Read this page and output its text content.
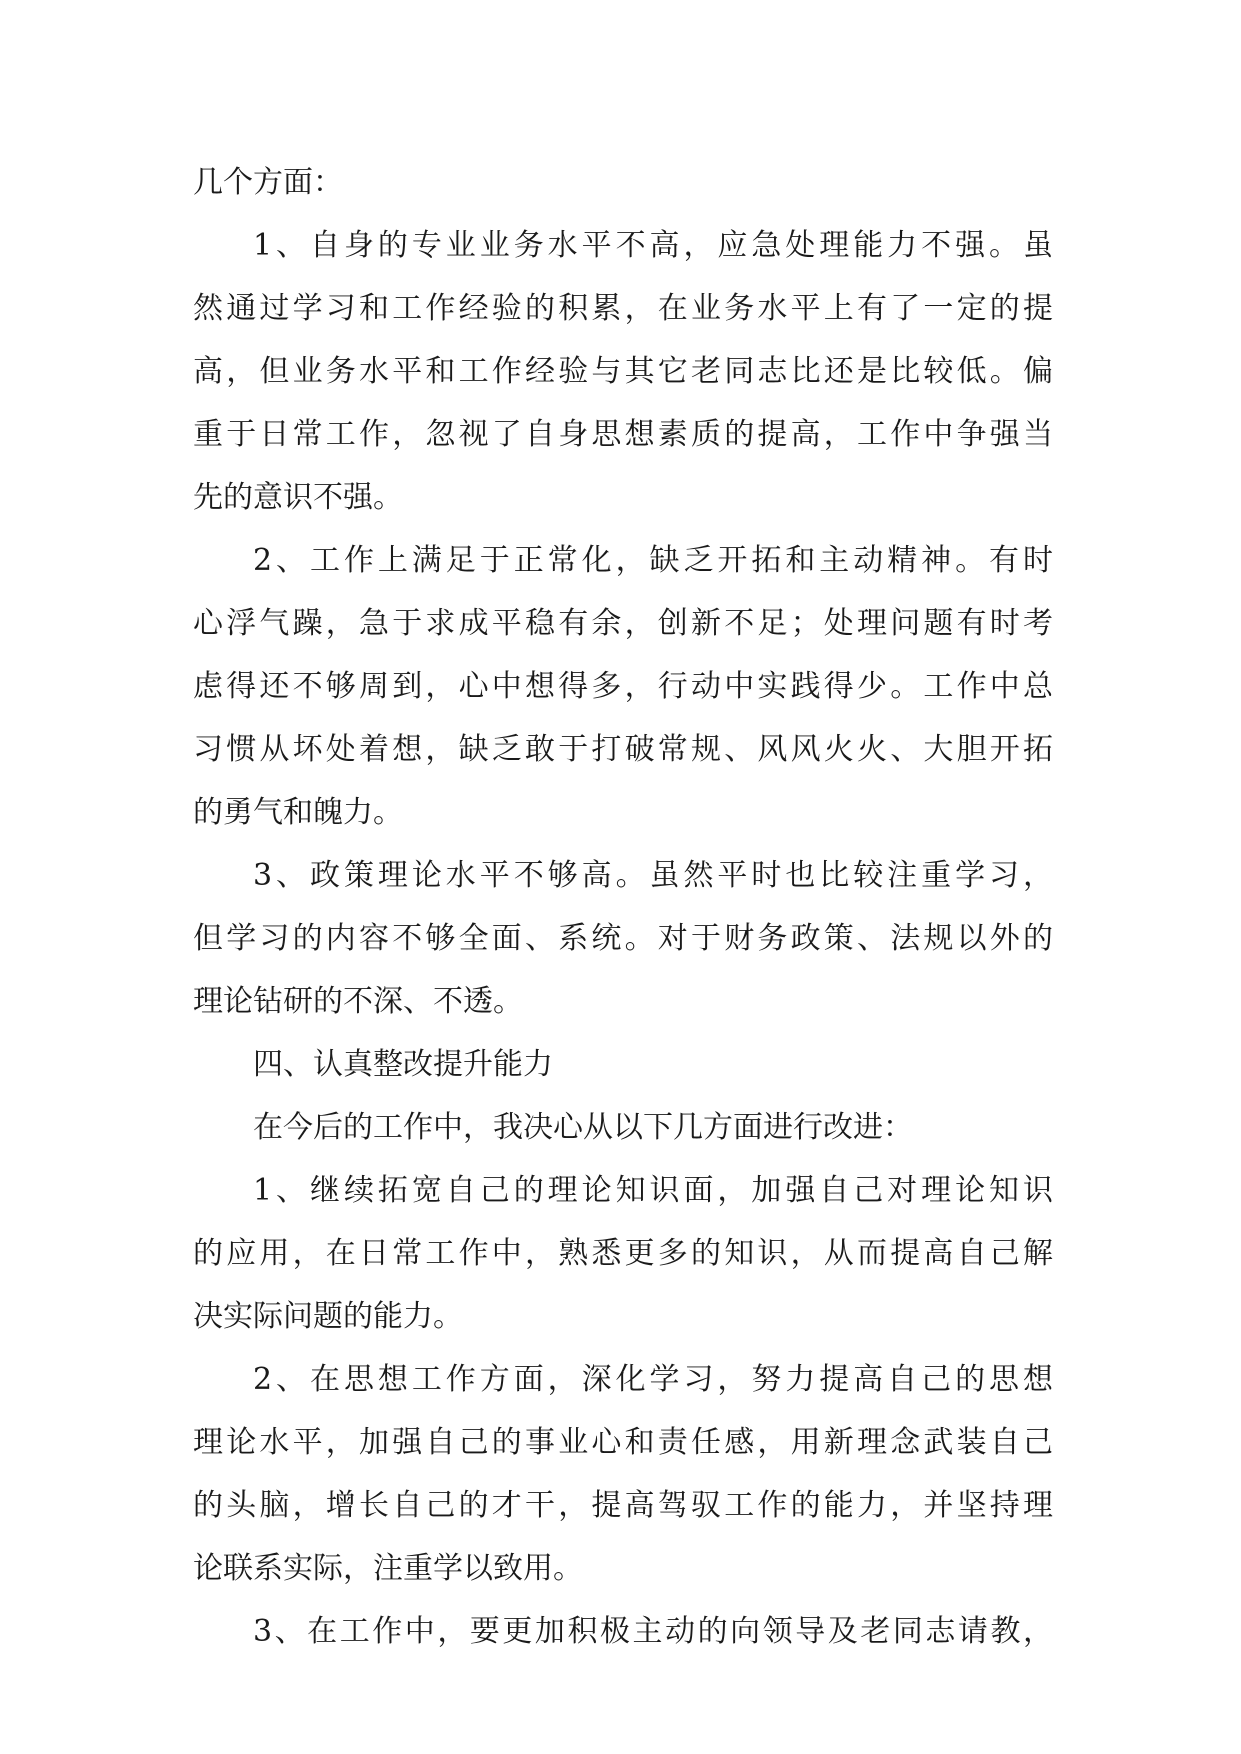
几个方面：
1、自身的专业业务水平不高，应急处理能力不强。虽
然通过学习和工作经验的积累，在业务水平上有了一定的提
高，但业务水平和工作经验与其它老同志比还是比较低。偏
重于日常工作，忽视了自身思想素质的提高，工作中争强当
先的意识不强。
2、工作上满足于正常化，缺乏开拓和主动精神。有时
心浮气躁，急于求成平稳有余，创新不足；处理问题有时考
虑得还不够周到，心中想得多，行动中实践得少。工作中总
习惯从坏处着想，缺乏敢于打破常规、风风火火、大胆开拓
的勇气和魄力。
3、政策理论水平不够高。虽然平时也比较注重学习，
但学习的内容不够全面、系统。对于财务政策、法规以外的
理论钻研的不深、不透。
四、认真整改提升能力
在今后的工作中，我决心从以下几方面进行改进：
1、继续拓宽自己的理论知识面，加强自己对理论知识
的应用，在日常工作中，熟悉更多的知识，从而提高自己解
决实际问题的能力。
2、在思想工作方面，深化学习，努力提高自己的思想
理论水平，加强自己的事业心和责任感，用新理念武装自己
的头脑，增长自己的才干，提高驾驭工作的能力，并坚持理
论联系实际，注重学以致用。
3、在工作中，要更加积极主动的向领导及老同志请教，
